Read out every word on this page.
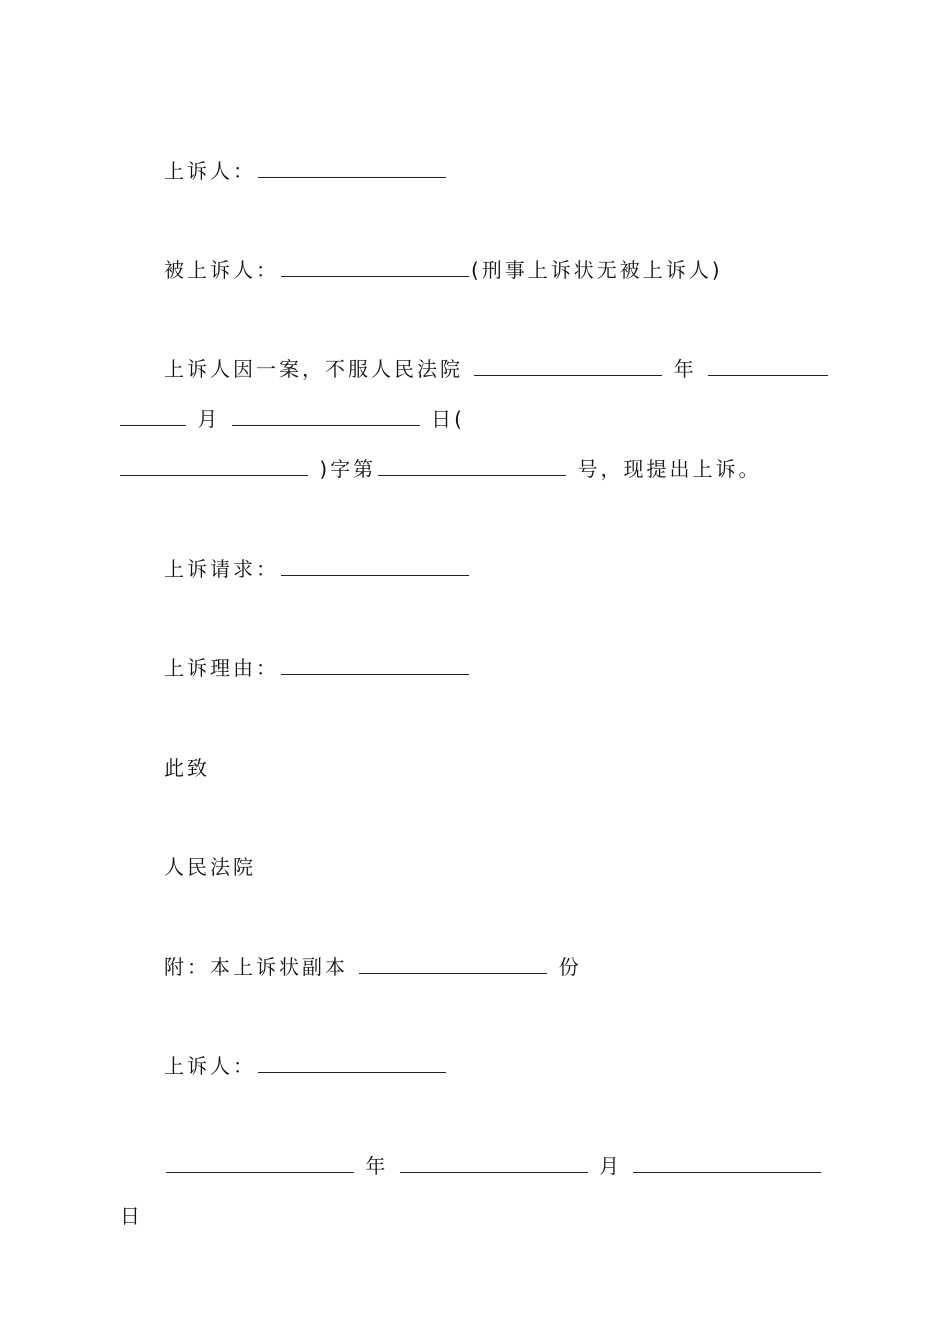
上诉人：
被上诉人：	(刑事上诉状无被上诉人)
上诉人因一案，不服人民法院	年
月	日(
)字第	号，现提出上诉。
上诉请求：
上诉理由：
此致
人民法院
附：本上诉状副本	份
上诉人：
年	月
日
